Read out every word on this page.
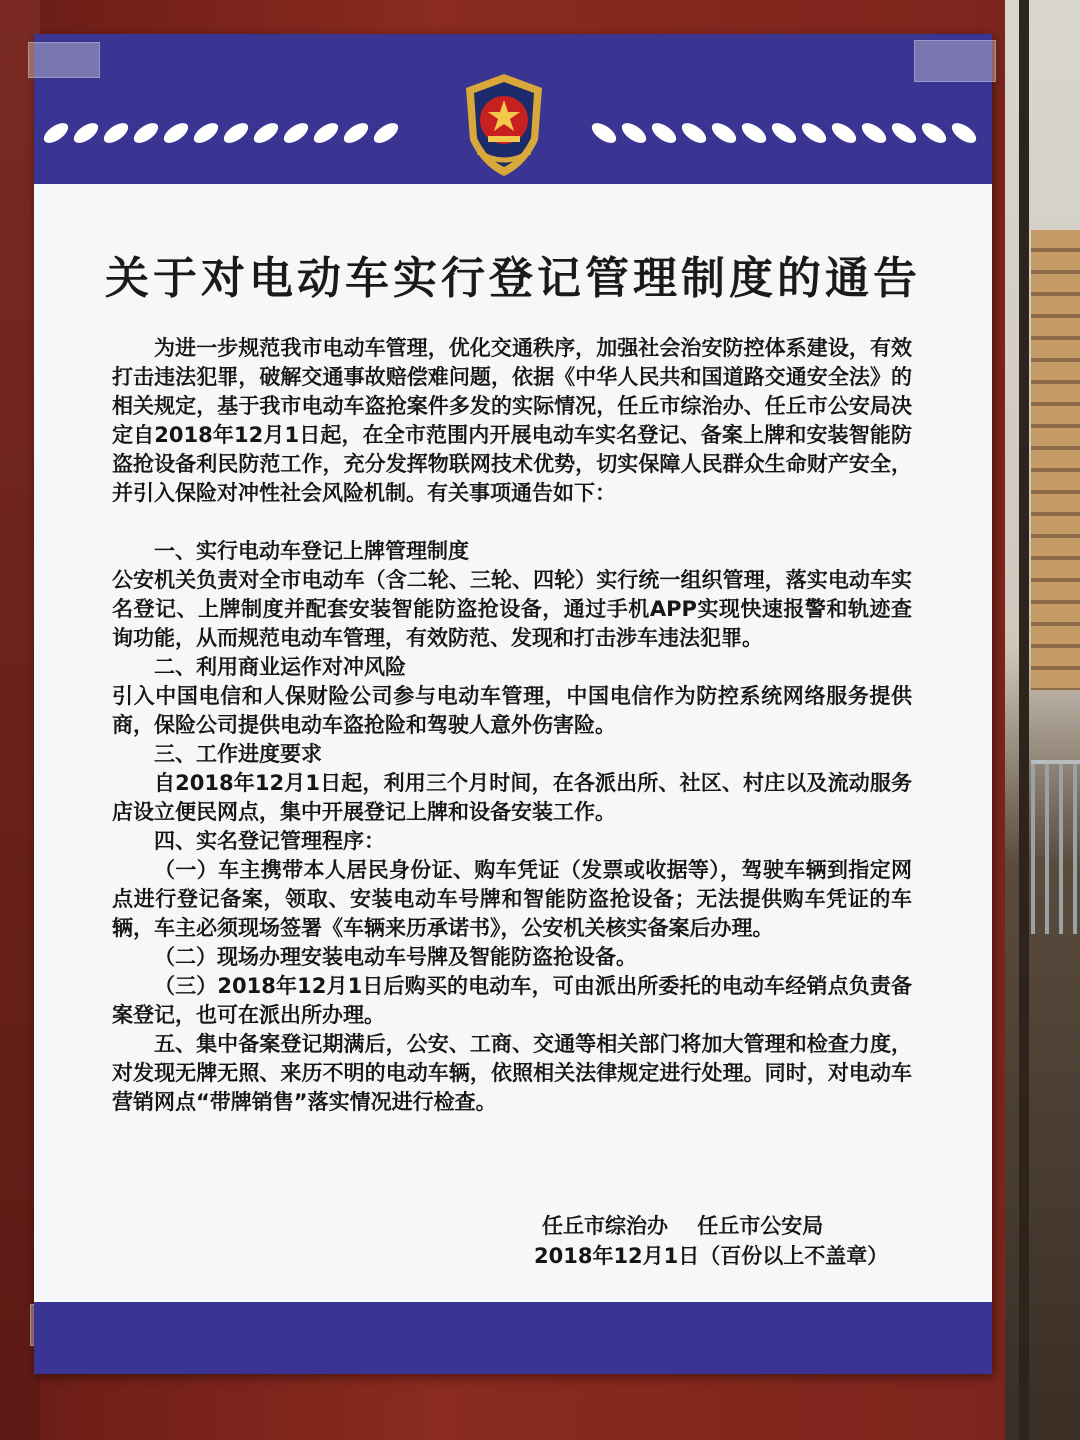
关于对电动车实行登记管理制度的通告

为进一步规范我市电动车管理，优化交通秩序，加强社会治安防控体系建设，有效打击违法犯罪，破解交通事故赔偿难问题，依据《中华人民共和国道路交通安全法》的相关规定，基于我市电动车盗抢案件多发的实际情况，任丘市综治办、任丘市公安局决定自2018年12月1日起，在全市范围内开展电动车实名登记、备案上牌和安装智能防盗抢设备利民防范工作，充分发挥物联网技术优势，切实保障人民群众生命财产安全，并引入保险对冲性社会风险机制。有关事项通告如下：

一、实行电动车登记上牌管理制度

公安机关负责对全市电动车（含二轮、三轮、四轮）实行统一组织管理，落实电动车实名登记、上牌制度并配套安装智能防盗抢设备，通过手机APP实现快速报警和轨迹查询功能，从而规范电动车管理，有效防范、发现和打击涉车违法犯罪。

二、利用商业运作对冲风险

引入中国电信和人保财险公司参与电动车管理，中国电信作为防控系统网络服务提供商，保险公司提供电动车盗抢险和驾驶人意外伤害险。

三、工作进度要求

自2018年12月1日起，利用三个月时间，在各派出所、社区、村庄以及流动服务店设立便民网点，集中开展登记上牌和设备安装工作。

四、实名登记管理程序：

（一）车主携带本人居民身份证、购车凭证（发票或收据等），驾驶车辆到指定网点进行登记备案，领取、安装电动车号牌和智能防盗抢设备；无法提供购车凭证的车辆，车主必须现场签署《车辆来历承诺书》，公安机关核实备案后办理。

（二）现场办理安装电动车号牌及智能防盗抢设备。

（三）2018年12月1日后购买的电动车，可由派出所委托的电动车经销点负责备案登记，也可在派出所办理。

五、集中备案登记期满后，公安、工商、交通等相关部门将加大管理和检查力度，对发现无牌无照、来历不明的电动车辆，依照相关法律规定进行处理。同时，对电动车营销网点“带牌销售”落实情况进行检查。

任丘市综治办 任丘市公安局
2018年12月1日（百份以上不盖章）
